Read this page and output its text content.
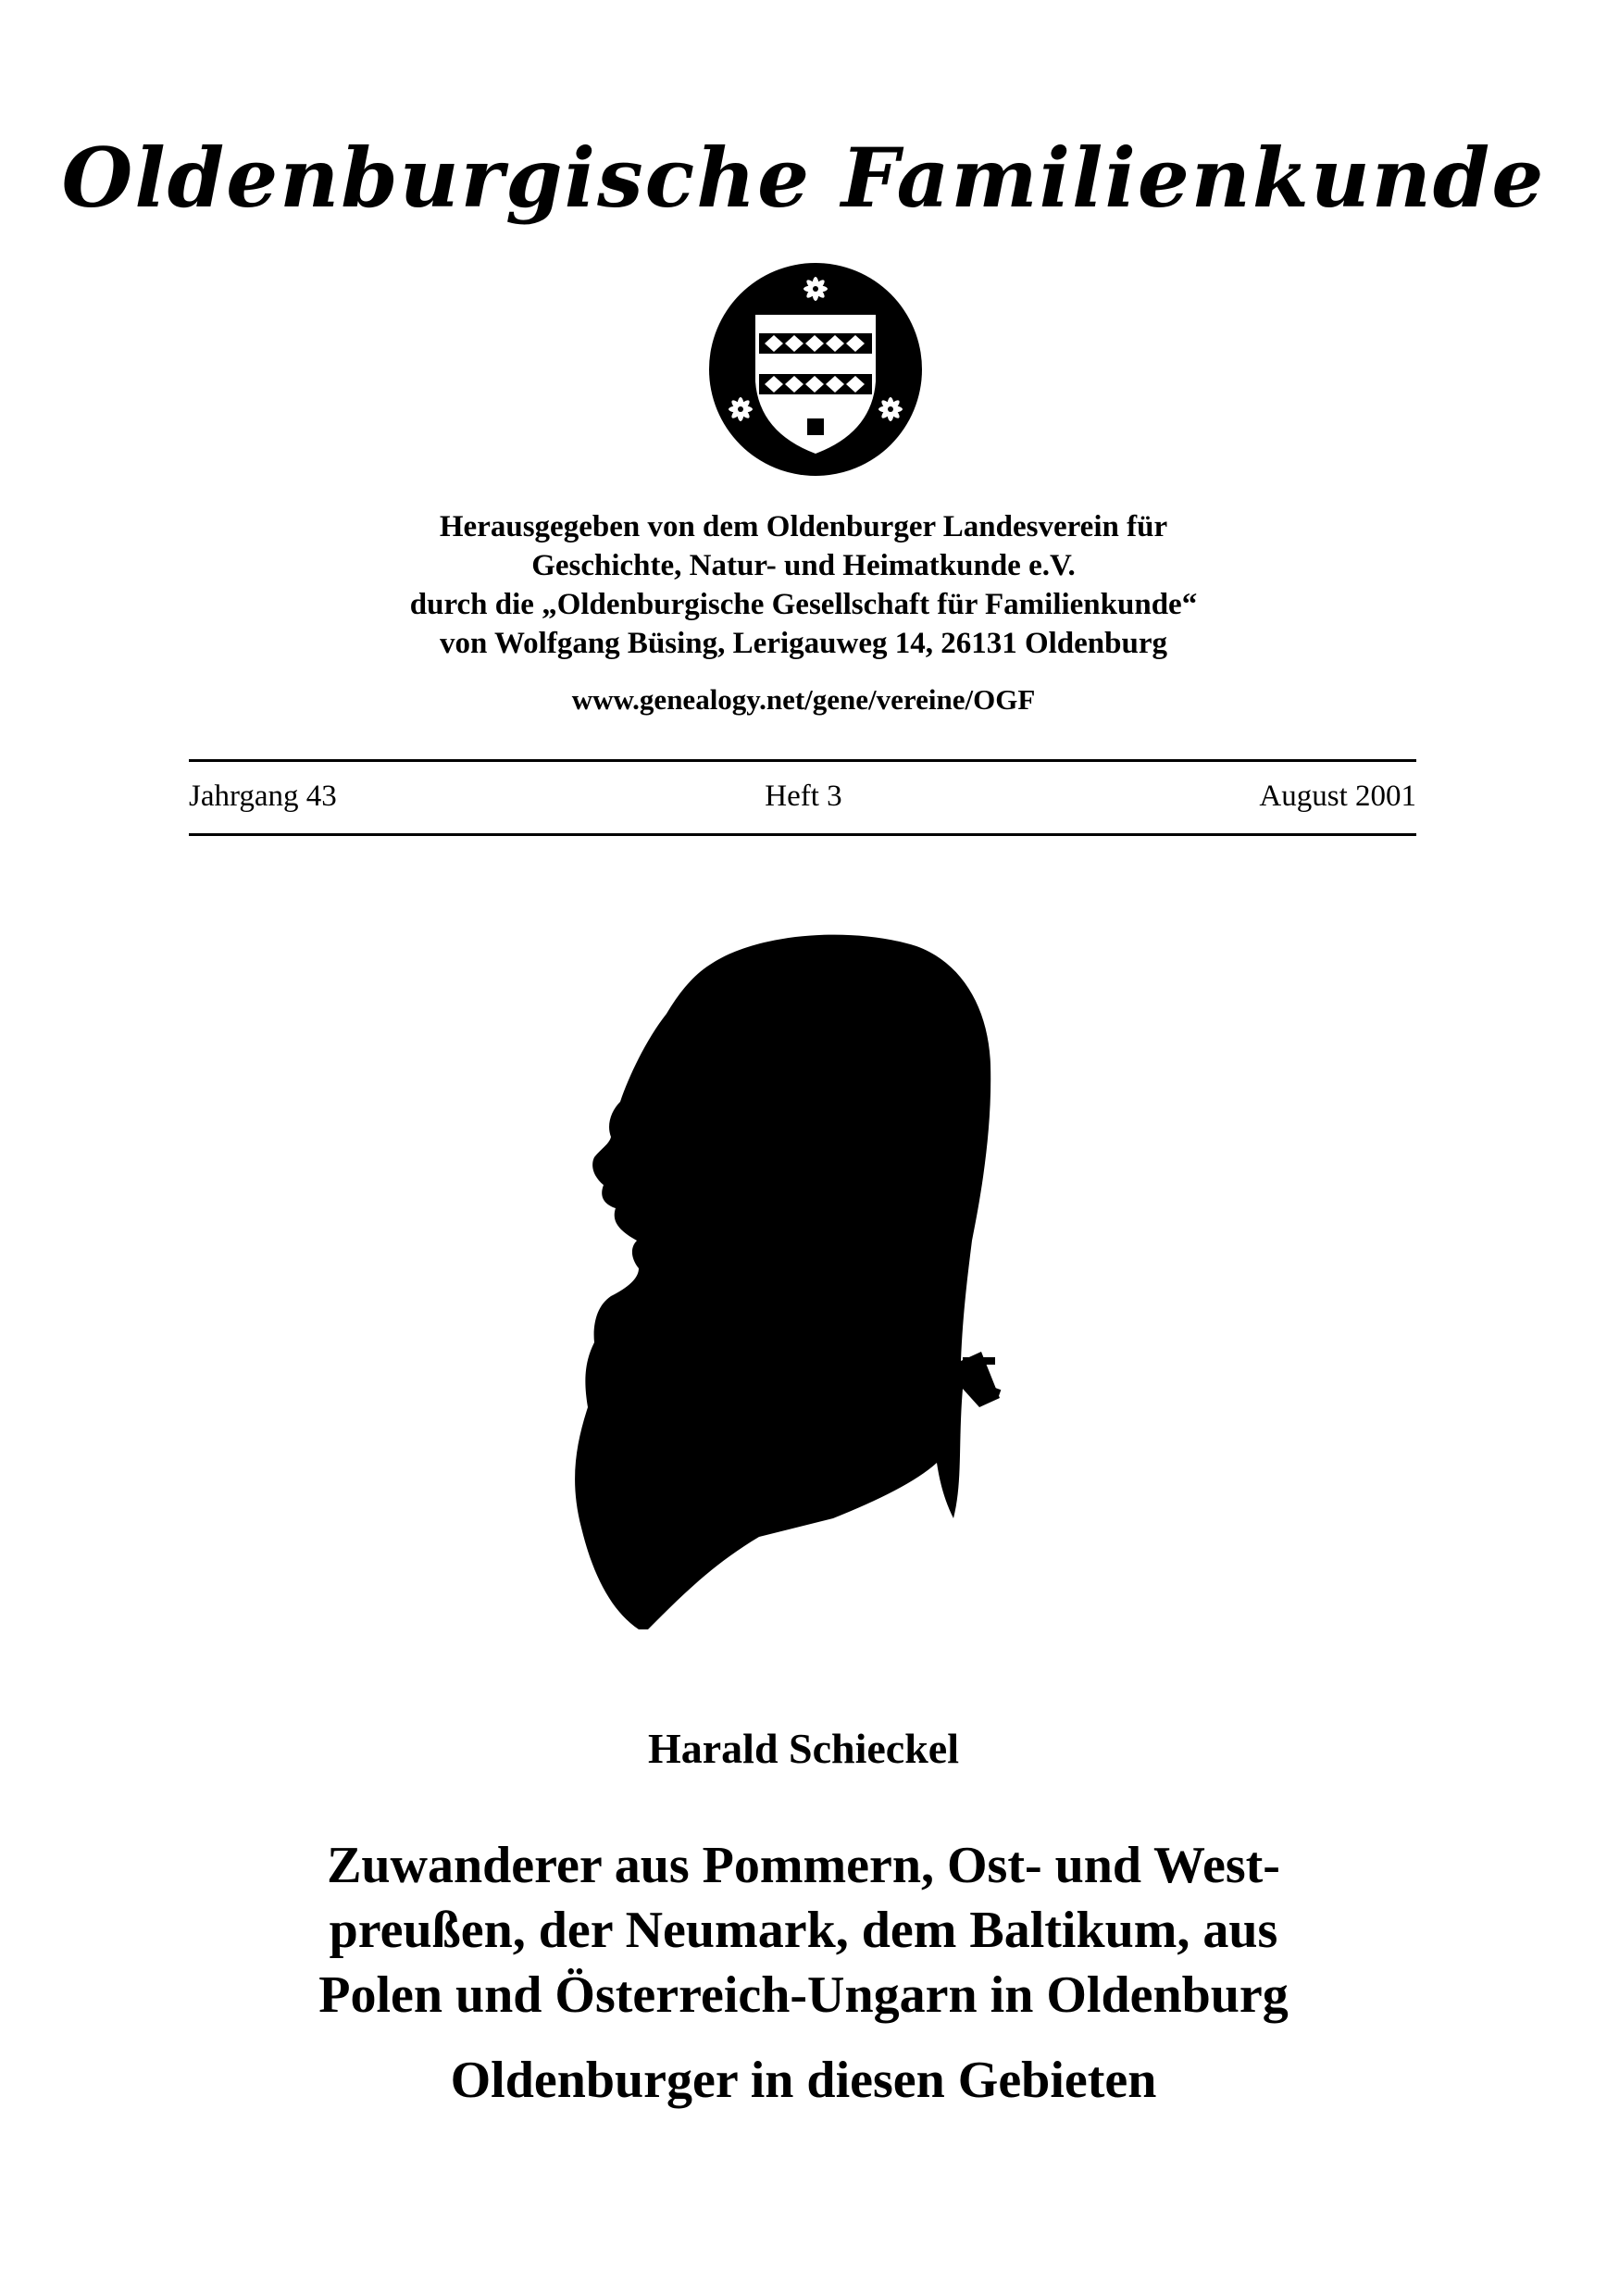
Oldenburgische Familienkunde
Herausgegeben von dem Oldenburger Landesverein für
Geschichte, Natur- und Heimatkunde e.V.
durch die „Oldenburgische Gesellschaft für Familienkunde“
von Wolfgang Büsing, Lerigauweg 14, 26131 Oldenburg
www.genealogy.net/gene/vereine/OGF
Jahrgang 43	Heft 3	August 2001
Harald Schieckel
Zuwanderer aus Pommern, Ost- und West-
preußen, der Neumark, dem Baltikum, aus
Polen und Österreich-Ungarn in Oldenburg
Oldenburger in diesen Gebieten
